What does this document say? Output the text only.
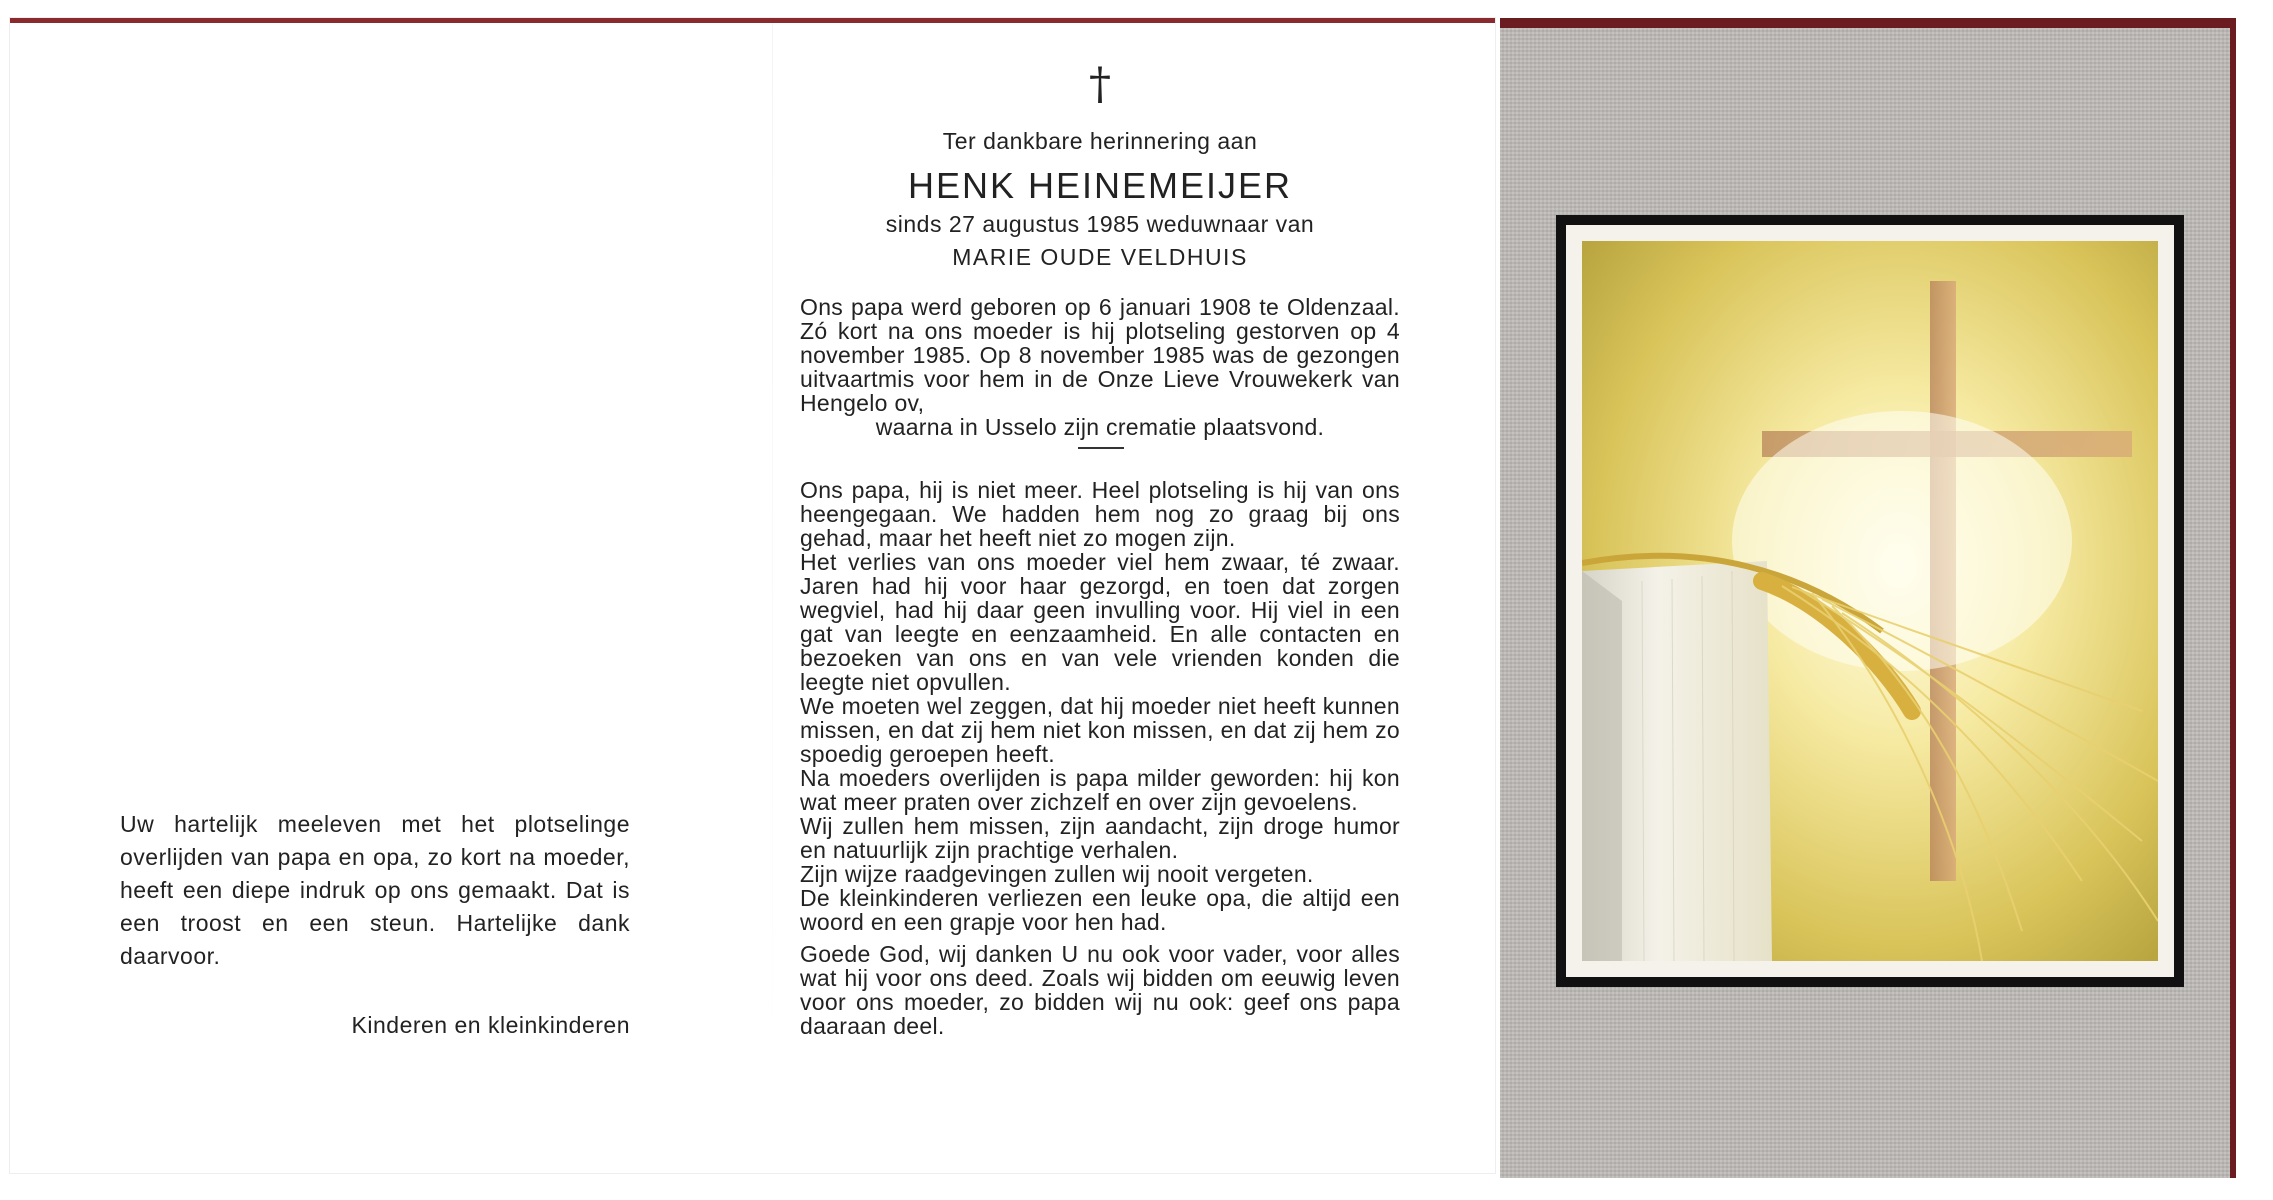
Uw hartelijk meeleven met het plotselinge overlijden van papa en opa, zo kort na moeder, heeft een diepe indruk op ons gemaakt. Dat is een troost en een steun. Hartelijke dank daarvoor.
Kinderen en kleinkinderen
†
Ter dankbare herinnering aan
HENK HEINEMEIJER
sinds 27 augustus 1985 weduwnaar van
MARIE OUDE VELDHUIS
Ons papa werd geboren op 6 januari 1908 te Oldenzaal. Zó kort na ons moeder is hij plotseling gestorven op 4 november 1985. Op 8 november 1985 was de gezongen uitvaartmis voor hem in de Onze Lieve Vrouwekerk van Hengelo ov,
waarna in Usselo zijn crematie plaatsvond.

Ons papa, hij is niet meer. Heel plotseling is hij van ons heengegaan. We hadden hem nog zo graag bij ons gehad, maar het heeft niet zo mogen zijn.

Het verlies van ons moeder viel hem zwaar, té zwaar. Jaren had hij voor haar gezorgd, en toen dat zorgen wegviel, had hij daar geen invulling voor. Hij viel in een gat van leegte en eenzaamheid. En alle contacten en bezoeken van ons en van vele vrienden konden die leegte niet opvullen.

We moeten wel zeggen, dat hij moeder niet heeft kunnen missen, en dat zij hem niet kon missen, en dat zij hem zo spoedig geroepen heeft.

Na moeders overlijden is papa milder geworden: hij kon wat meer praten over zichzelf en over zijn gevoelens.

Wij zullen hem missen, zijn aandacht, zijn droge humor en natuurlijk zijn prachtige verhalen.

Zijn wijze raadgevingen zullen wij nooit vergeten.

De kleinkinderen verliezen een leuke opa, die altijd een woord en een grapje voor hen had.

Goede God, wij danken U nu ook voor vader, voor alles wat hij voor ons deed. Zoals wij bidden om eeuwig leven voor ons moeder, zo bidden wij nu ook: geef ons papa daaraan deel.
